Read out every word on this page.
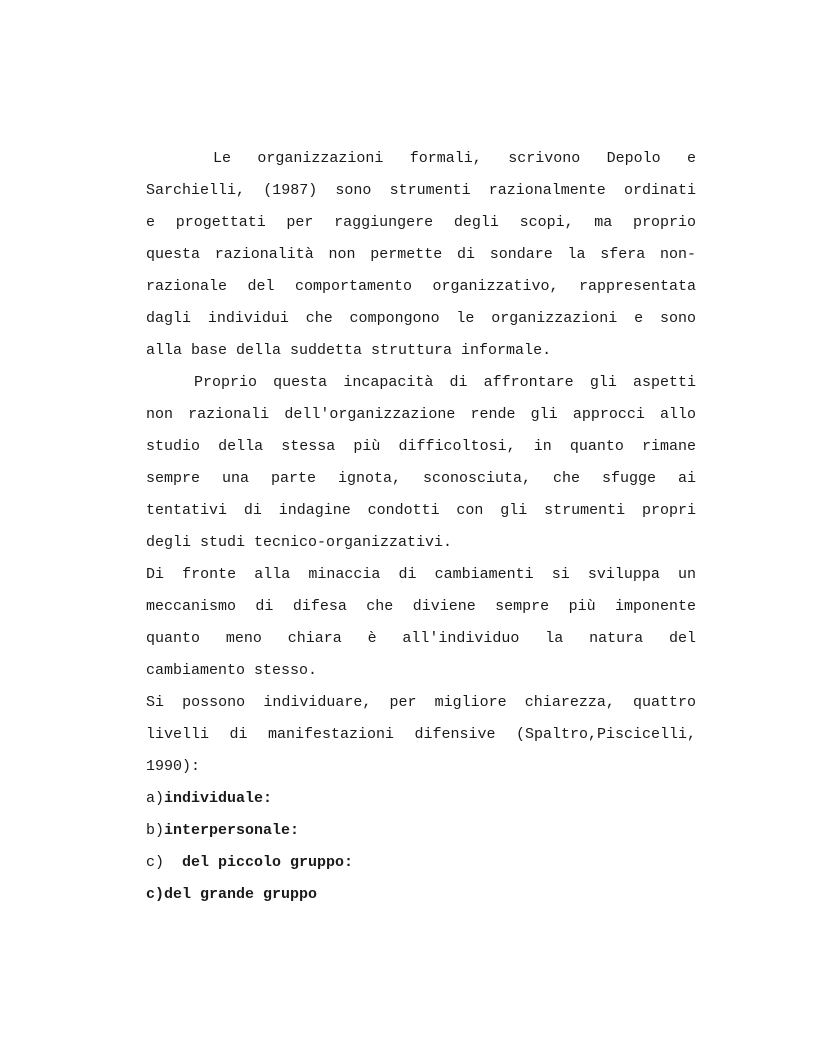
Le organizzazioni formali, scrivono Depolo e
Sarchielli, (1987) sono strumenti razionalmente ordinati
e progettati per raggiungere degli scopi, ma proprio
questa razionalità non permette di sondare la sfera non-
razionale del comportamento organizzativo, rappresentata
dagli individui che compongono le organizzazioni e sono
alla base della suddetta struttura informale.
Proprio questa incapacità di affrontare gli aspetti
non razionali dell'organizzazione rende gli approcci allo
studio della stessa più difficoltosi, in quanto rimane
sempre una parte ignota, sconosciuta, che sfugge ai
tentativi di indagine condotti con gli strumenti propri
degli studi tecnico-organizzativi.
Di fronte alla minaccia di cambiamenti si sviluppa un
meccanismo di difesa che diviene sempre più imponente
quanto meno chiara è all'individuo la natura del
cambiamento stesso.
Si possono individuare, per migliore chiarezza, quattro
livelli di manifestazioni difensive (Spaltro,Piscicelli,
1990):
a)individuale:
b)interpersonale:
c)  del piccolo gruppo:
c)del grande gruppo
